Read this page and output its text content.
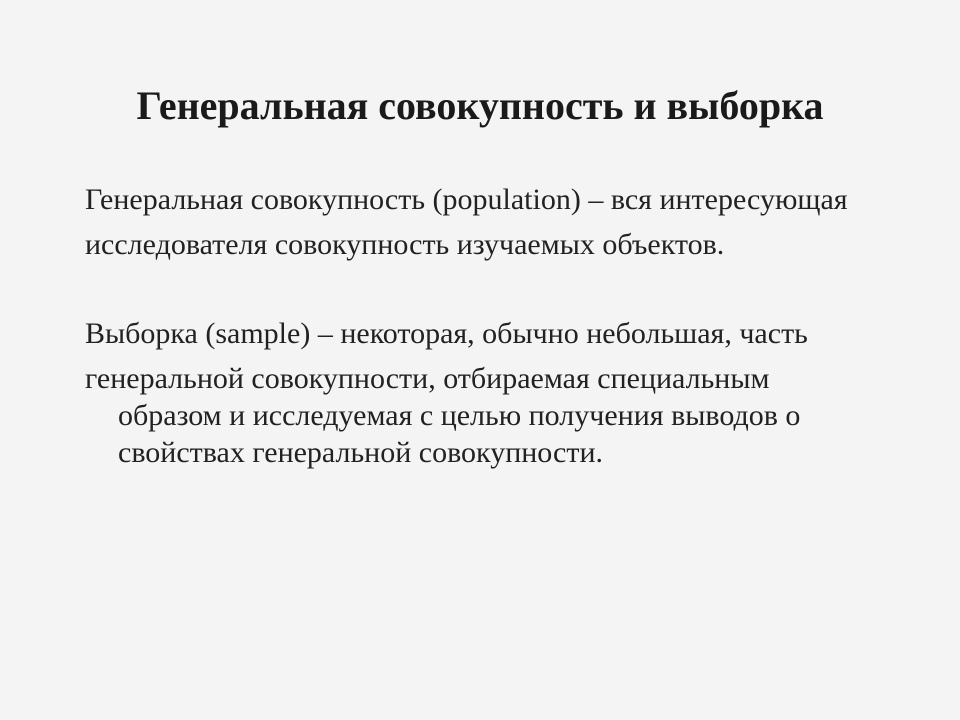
Генеральная совокупность и выборка
Генеральная совокупность (population) – вся интересующая
исследователя совокупность изучаемых объектов.
Выборка (sample) – некоторая, обычно небольшая, часть
генеральной совокупности, отбираемая специальным
образом и исследуемая с целью получения выводов о
свойствах генеральной совокупности.
